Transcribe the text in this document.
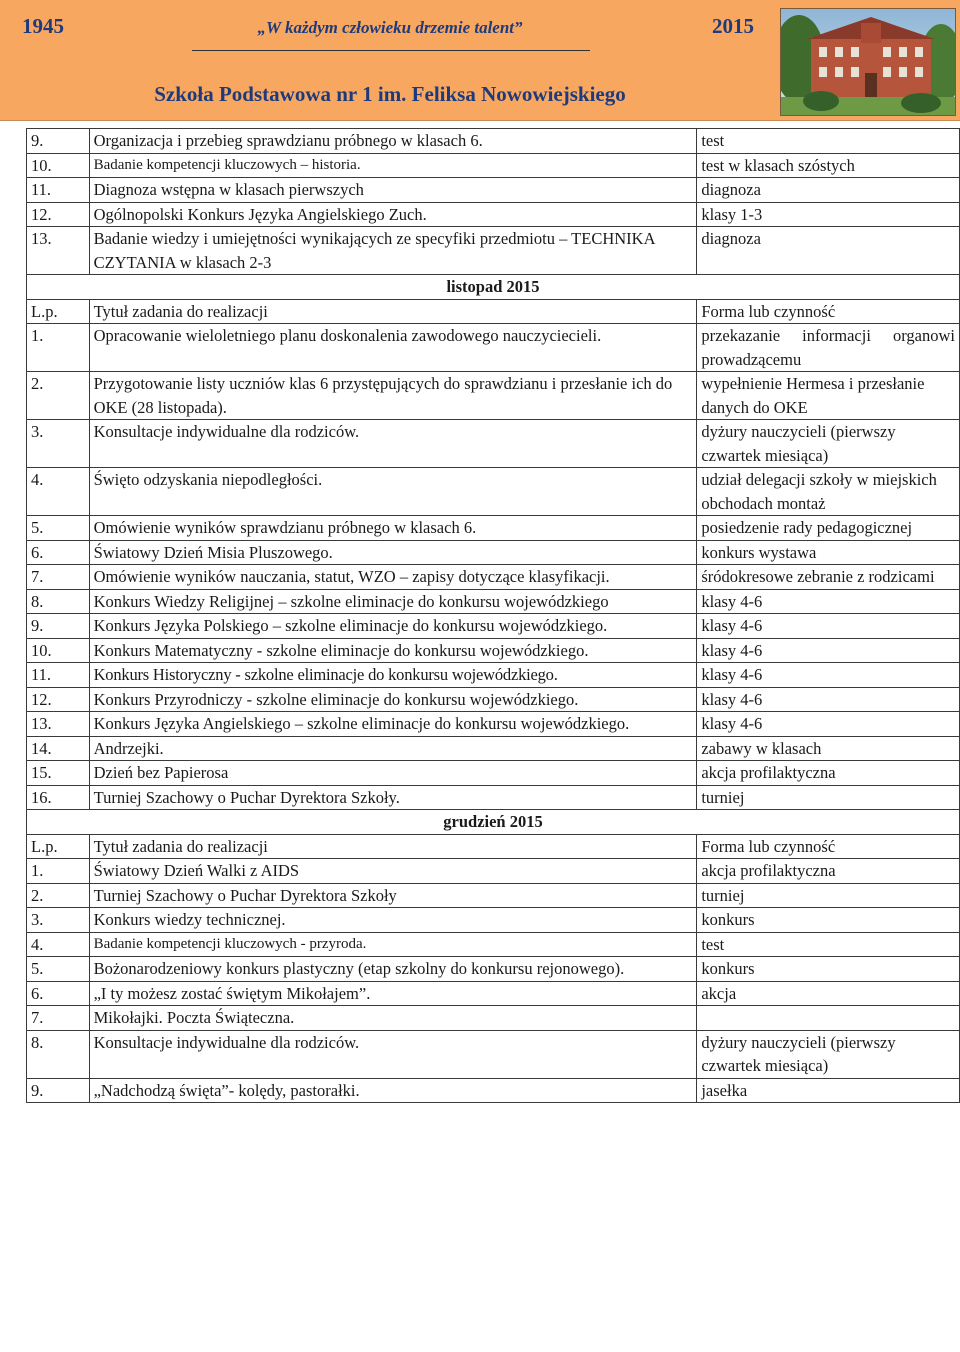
1945	„W każdym człowieku drzemie talent”	2015
Szkoła Podstawowa nr 1 im. Feliksa Nowowiejskiego
9.	Organizacja i przebieg sprawdzianu próbnego w klasach 6.	test
10.	Badanie kompetencji kluczowych – historia.	test w klasach szóstych
11.	Diagnoza wstępna w klasach pierwszych	diagnoza
12.	Ogólnopolski Konkurs Języka Angielskiego Zuch.	klasy 1-3
13.	Badanie wiedzy i umiejętności wynikających ze specyfiki przedmiotu – TECHNIKA CZYTANIA w klasach 2-3	diagnoza
listopad 2015		
L.p.	Tytuł zadania do realizacji	Forma lub czynność
1.	Opracowanie wieloletniego planu doskonalenia zawodowego nauczyciecieli.	przekazanie informacji organowi prowadzącemu
2.	Przygotowanie listy uczniów klas 6 przystępujących do sprawdzianu i przesłanie ich do OKE (28 listopada).	wypełnienie Hermesa i przesłanie danych do OKE
3.	Konsultacje indywidualne dla rodziców.	dyżury nauczycieli (pierwszy czwartek miesiąca)
4.	Święto odzyskania niepodległości.	udział delegacji szkoły w miejskich obchodach montaż
5.	Omówienie wyników sprawdzianu próbnego w klasach 6.	posiedzenie rady pedagogicznej
6.	Światowy Dzień Misia Pluszowego.	konkurs wystawa
7.	Omówienie wyników nauczania, statut, WZO – zapisy dotyczące klasyfikacji.	śródokresowe zebranie z rodzicami
8.	Konkurs Wiedzy Religijnej – szkolne eliminacje do konkursu wojewódzkiego	klasy 4-6
9.	Konkurs Języka Polskiego – szkolne eliminacje do konkursu wojewódzkiego.	klasy 4-6
10.	Konkurs Matematyczny - szkolne eliminacje do konkursu wojewódzkiego.	klasy 4-6
11.	Konkurs Historyczny - szkolne eliminacje do konkursu wojewódzkiego.	klasy 4-6
12.	Konkurs Przyrodniczy - szkolne eliminacje do konkursu wojewódzkiego.	klasy 4-6
13.	Konkurs Języka Angielskiego – szkolne eliminacje do konkursu wojewódzkiego.	klasy 4-6
14.	Andrzejki.	zabawy w klasach
15.	Dzień bez Papierosa	akcja profilaktyczna
16.	Turniej Szachowy o Puchar Dyrektora Szkoły.	turniej
grudzień 2015		
L.p.	Tytuł zadania do realizacji	Forma lub czynność
1.	Światowy Dzień Walki z AIDS	akcja profilaktyczna
2.	Turniej Szachowy o Puchar Dyrektora Szkoły	turniej
3.	Konkurs wiedzy technicznej.	konkurs
4.	Badanie kompetencji kluczowych - przyroda.	test
5.	Bożonarodzeniowy konkurs plastyczny (etap szkolny do konkursu rejonowego).	konkurs
6.	„I ty możesz zostać świętym Mikołajem”.	akcja
7.	Mikołajki. Poczta Świąteczna.	
8.	Konsultacje indywidualne dla rodziców.	dyżury nauczycieli (pierwszy czwartek miesiąca)
9.	„Nadchodzą święta”- kolędy, pastorałki.	jasełka
